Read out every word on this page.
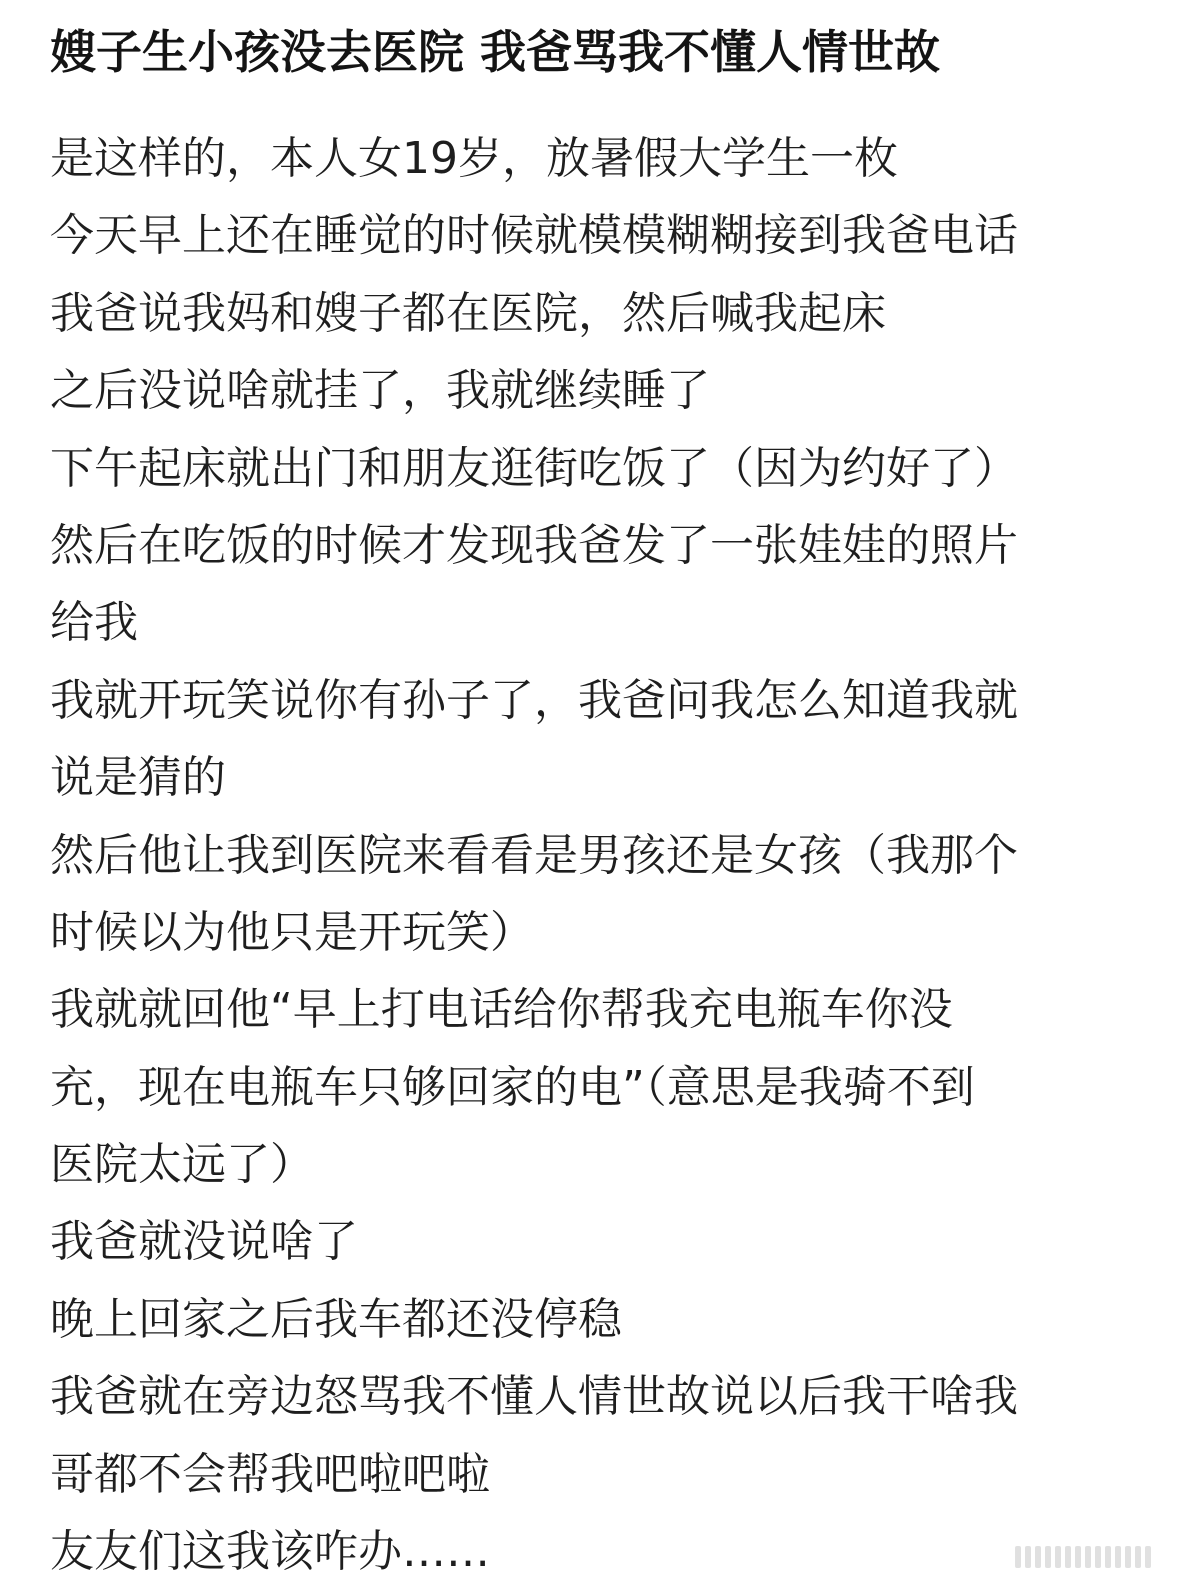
嫂子生小孩没去医院 我爸骂我不懂人情世故
是这样的，本人女19岁，放暑假大学生一枚
今天早上还在睡觉的时候就模模糊糊接到我爸电话
我爸说我妈和嫂子都在医院，然后喊我起床
之后没说啥就挂了，我就继续睡了
下午起床就出门和朋友逛街吃饭了（因为约好了）
然后在吃饭的时候才发现我爸发了一张娃娃的照片
给我
我就开玩笑说你有孙子了，我爸问我怎么知道我就
说是猜的
然后他让我到医院来看看是男孩还是女孩（我那个
时候以为他只是开玩笑）
我就就回他“早上打电话给你帮我充电瓶车你没
充，现在电瓶车只够回家的电”（意思是我骑不到
医院太远了）
我爸就没说啥了
晚上回家之后我车都还没停稳
我爸就在旁边怒骂我不懂人情世故说以后我干啥我
哥都不会帮我吧啦吧啦
友友们这我该咋办……
